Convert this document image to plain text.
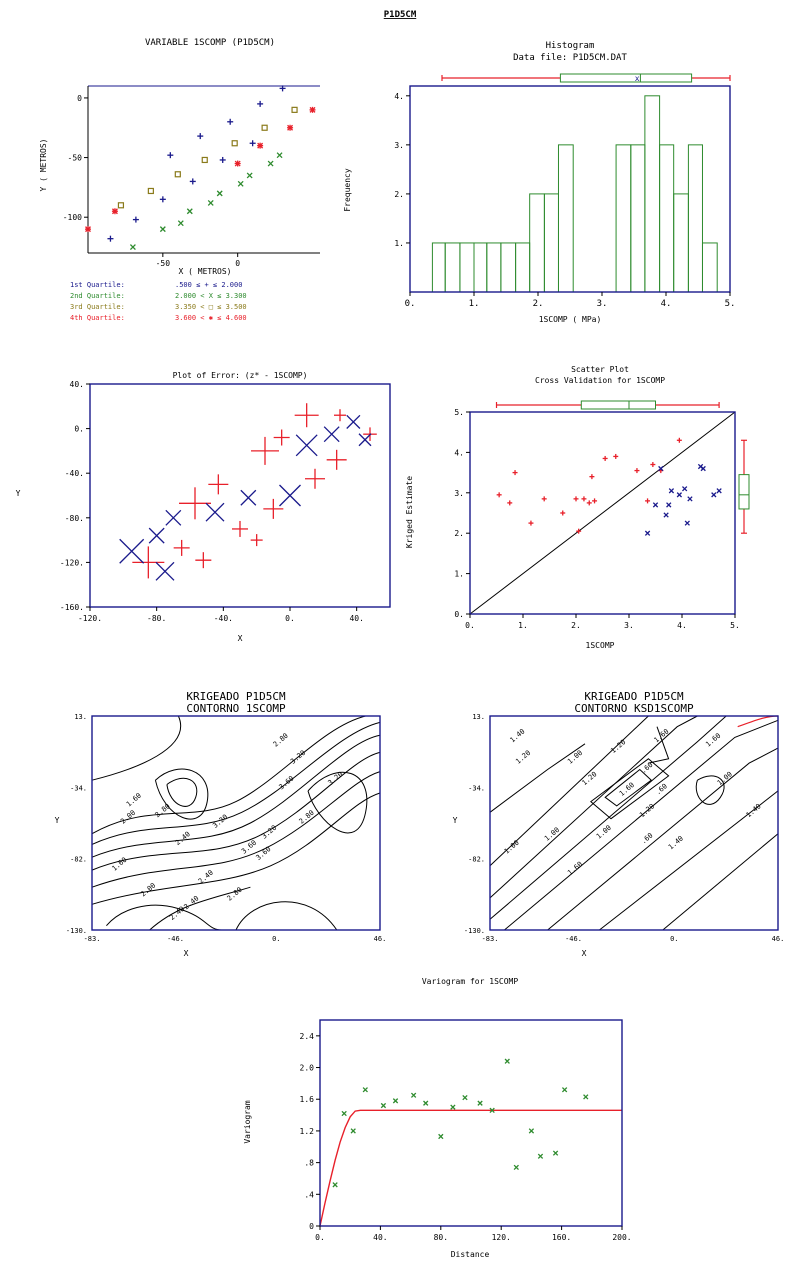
P1D5CM
VARIABLE 1SCOMP (P1D5CM)
-50	0
0
-50
-100
X ( METROS)
Y ( METROS)
1st Quartile:	.500 ≤ + ≤ 2.000
2nd Quartile:	2.000 < X ≤ 3.300
3rd Quartile:	3.350 < □ ≤ 3.500
4th Quartile:	3.600 < ✱ ≤ 4.600
Histogram
Data file: P1D5CM.DAT
x
0.	1.	2.	3.	4.	5.
1.
2.
3.
4.
1SCOMP ( MPa)
Frequency
Plot of Error: (z* - 1SCOMP)
-120.	-80.	-40.	0.	40.
40.
0.
-40.
-80.
-120.
-160.
X
Y
Scatter Plot
Cross Validation for 1SCOMP
0.	1.	2.	3.	4.	5.
0.
1.
2.
3.
4.
5.
1SCOMP
Kriged Estimate
KRIGEADO P1D5CM
CONTORNO 1SCOMP
2.80
3.20
3.60
1.60
2.00
2.40
3.60
3.20
2.80
3.20
1.60
2.40
2.00
2.40
2.80
3.60
3.20
2.80
2.40
13.
-34.
-82.
-130.
-83.	-46.	0.	46.
X
Y
KRIGEADO P1D5CM
CONTORNO KSD1SCOMP
1.40
1.20	1.00
1.20
1.60
.60
1.20
1.60	.60
1.00
1.00	1.00
1.20
1.60
1.40
1.00
1.40
1.60
.60
13.
-34.
-82.
-130.
-83.	-46.	0.	46.
X
Y
Variogram for 1SCOMP
0.	40.	80.	120.	160.	200.
0
.4
.8
1.2
1.6
2.0
2.4
Distance
Variogram
